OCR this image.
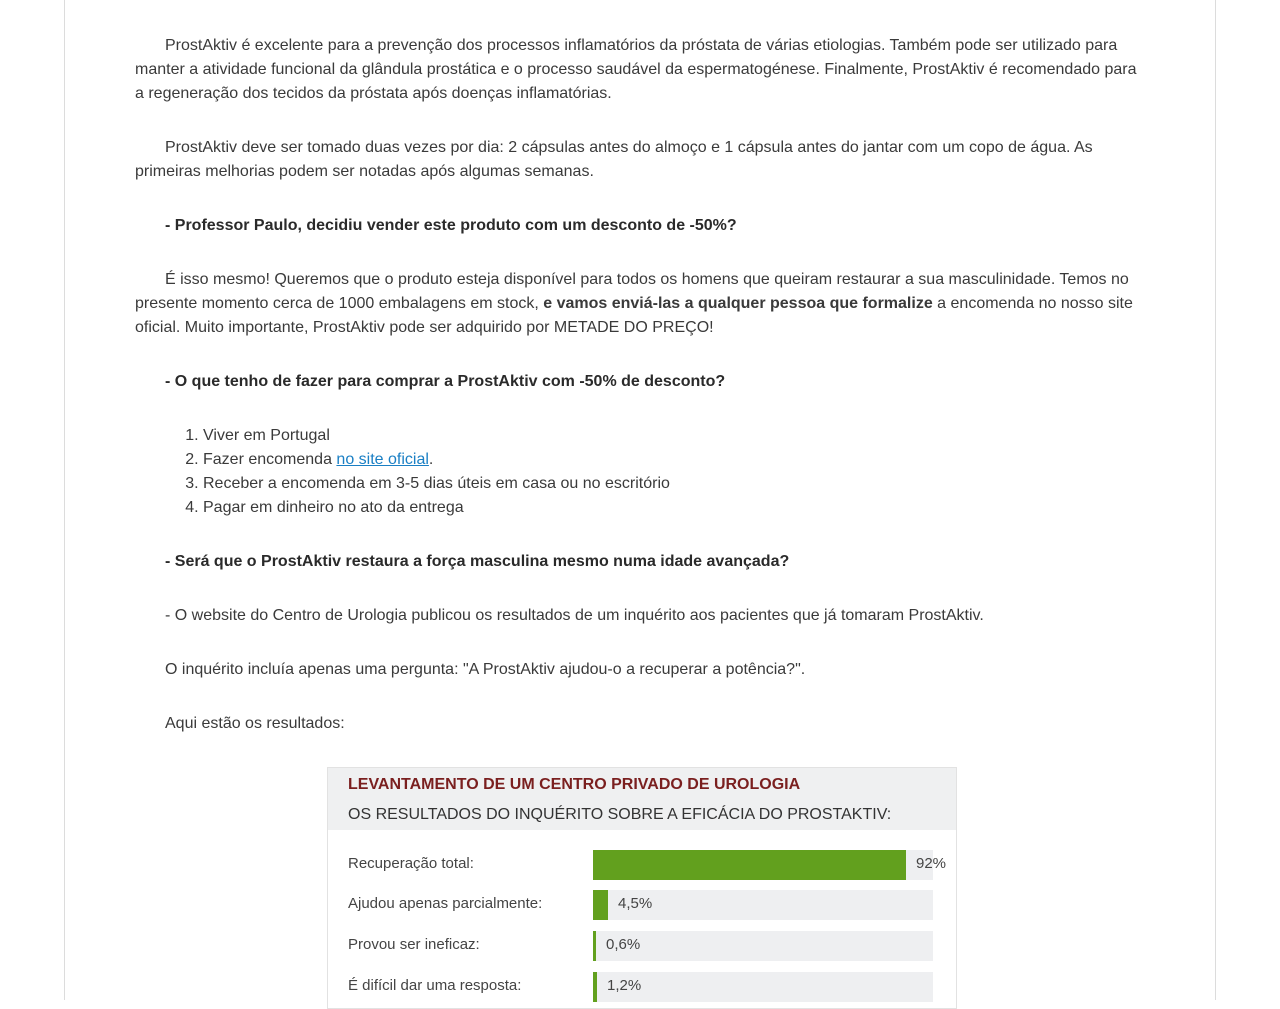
ProstAktiv é excelente para a prevenção dos processos inflamatórios da próstata de várias etiologias. Também pode ser utilizado para manter a atividade funcional da glândula prostática e o processo saudável da espermatogénese. Finalmente, ProstAktiv é recomendado para a regeneração dos tecidos da próstata após doenças inflamatórias.

ProstAktiv deve ser tomado duas vezes por dia: 2 cápsulas antes do almoço e 1 cápsula antes do jantar com um copo de água. As primeiras melhorias podem ser notadas após algumas semanas.

- Professor Paulo, decidiu vender este produto com um desconto de -50%?

É isso mesmo! Queremos que o produto esteja disponível para todos os homens que queiram restaurar a sua masculinidade. Temos no presente momento cerca de 1000 embalagens em stock, e vamos enviá-las a qualquer pessoa que formalize a encomenda no nosso site oficial. Muito importante, ProstAktiv pode ser adquirido por METADE DO PREÇO!

- O que tenho de fazer para comprar a ProstAktiv com -50% de desconto?

1. Viver em Portugal
2. Fazer encomenda no site oficial.
3. Receber a encomenda em 3-5 dias úteis em casa ou no escritório
4. Pagar em dinheiro no ato da entrega

- Será que o ProstAktiv restaura a força masculina mesmo numa idade avançada?

- O website do Centro de Urologia publicou os resultados de um inquérito aos pacientes que já tomaram ProstAktiv.

O inquérito incluía apenas uma pergunta: "A ProstAktiv ajudou-o a recuperar a potência?".

Aqui estão os resultados:

LEVANTAMENTO DE UM CENTRO PRIVADO DE UROLOGIA
OS RESULTADOS DO INQUÉRITO SOBRE A EFICÁCIA DO PROSTAKTIV:
Recuperação total:	92%
Ajudou apenas parcialmente:	4,5%
Provou ser ineficaz:	0,6%
É difícil dar uma resposta:	1,2%
